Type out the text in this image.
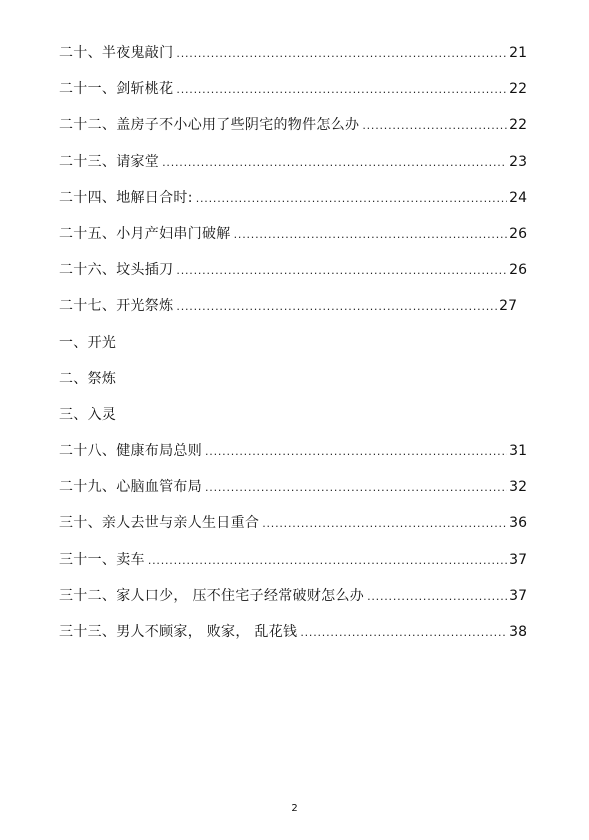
二十、半夜鬼敲门 .....	21
二十一、剑斩桃花 .....	22
二十二、盖房子不小心用了些阴宅的物件怎么办 .....	22
二十三、请家堂 .....	23
二十四、地解日合时: .....	24
二十五、小月产妇串门破解 .....	26
二十六、坟头插刀 .....	26
二十七、开光祭炼 .....	27
一、开光
二、祭炼
三、入灵
二十八、健康布局总则 .....	31
二十九、心脑血管布局 .....	32
三十、亲人去世与亲人生日重合 .....	36
三十一、卖车 .....	37
三十二、家人口少， 压不住宅子经常破财怎么办 .....	37
三十三、男人不顾家， 败家， 乱花钱 .....	38
2
